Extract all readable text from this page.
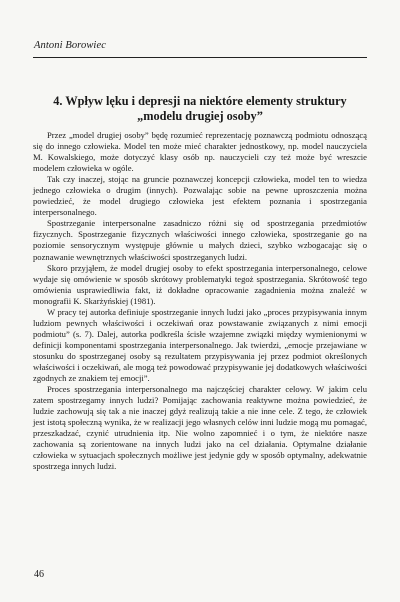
Antoni Borowiec
4. Wpływ lęku i depresji na niektóre elementy struktury
„modelu drugiej osoby”

Przez „model drugiej osoby” będę rozumieć reprezentację poznawczą podmiotu odnoszącą się do innego człowieka. Model ten może mieć charakter jednostkowy, np. model nauczyciela M. Kowalskiego, może dotyczyć klasy osób np. nauczycieli czy też może być wreszcie modelem człowieka w ogóle.

Tak czy inaczej, stojąc na gruncie poznawczej koncepcji człowieka, model ten to wiedza jednego człowieka o drugim (innych). Pozwalając sobie na pewne uproszczenia można powiedzieć, że model drugiego człowieka jest efektem poznania i spostrzegania interpersonalnego.

Spostrzeganie interpersonalne zasadniczo różni się od spostrzegania przedmiotów fizycznych. Spostrzeganie fizycznych właściwości innego człowieka, spostrzeganie go na poziomie sensorycznym występuje głównie u małych dzieci, szybko wzbogacając się o poznawanie wewnętrznych właściwości spostrzeganych ludzi.

Skoro przyjąłem, że model drugiej osoby to efekt spostrzegania interpersonalnego, celowe wydaje się omówienie w sposób skrótowy problematyki tegoż spostrzegania. Skrótowość tego omówienia usprawiedliwia fakt, iż dokładne opracowanie zagadnienia można znaleźć w monografii K. Skarżyńskiej (1981).

W pracy tej autorka definiuje spostrzeganie innych ludzi jako „proces przypisywania innym ludziom pewnych właściwości i oczekiwań oraz powstawanie związanych z nimi emocji podmiotu” (s. 7). Dalej, autorka podkreśla ścisłe wzajemne związki między wymienionymi w definicji komponentami spostrzegania interpersonalnego. Jak twierdzi, „emocje przejawiane w stosunku do spostrzeganej osoby są rezultatem przypisywania jej przez podmiot określonych właściwości i oczekiwań, ale mogą też powodować przypisywanie jej dodatkowych właściwości zgodnych ze znakiem tej emocji”.

Proces spostrzegania interpersonalnego ma najczęściej charakter celowy. W jakim celu zatem spostrzegamy innych ludzi? Pomijając zachowania reaktywne można powiedzieć, że ludzie zachowują się tak a nie inaczej gdyż realizują takie a nie inne cele. Z tego, że człowiek jest istotą społeczną wynika, że w realizacji jego własnych celów inni ludzie mogą mu pomagać, przeszkadzać, czynić utrudnienia itp. Nie wolno zapomnieć i o tym, że niektóre nasze zachowania są zorientowane na innych ludzi jako na cel działania. Optymalne działanie człowieka w sytuacjach społecznych możliwe jest jedynie gdy w sposób optymalny, adekwatnie spostrzega innych ludzi.

46
